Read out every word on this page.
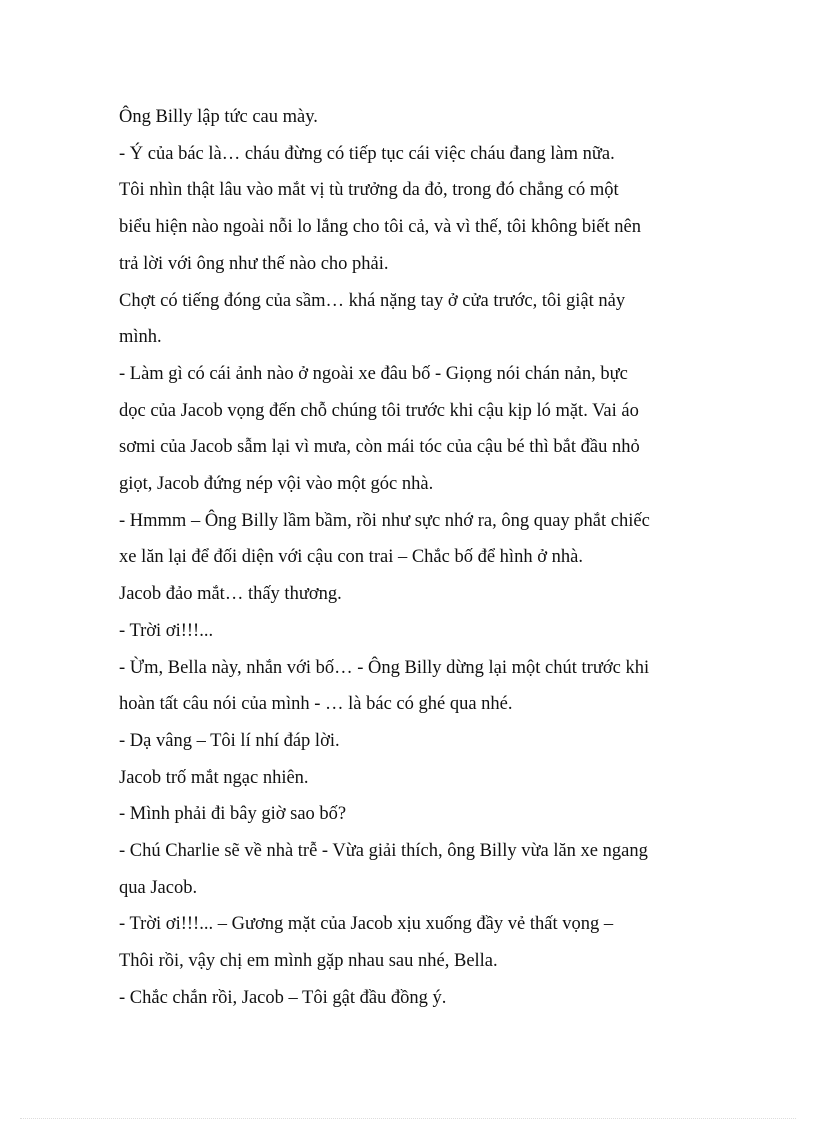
Ông Billy lập tức cau mày.

- Ý của bác là… cháu đừng có tiếp tục cái việc cháu đang làm nữa.

Tôi nhìn thật lâu vào mắt vị tù trưởng da đỏ, trong đó chẳng có một
biểu hiện nào ngoài nỗi lo lắng cho tôi cả, và vì thế, tôi không biết nên
trả lời với ông như thế nào cho phải.

Chợt có tiếng đóng của sầm… khá nặng tay ở cửa trước, tôi giật nảy
mình.

- Làm gì có cái ảnh nào ở ngoài xe đâu bố - Giọng nói chán nản, bực
dọc của Jacob vọng đến chỗ chúng tôi trước khi cậu kịp ló mặt. Vai áo
sơmi của Jacob sẫm lại vì mưa, còn mái tóc của cậu bé thì bắt đầu nhỏ
giọt, Jacob đứng nép vội vào một góc nhà.

- Hmmm – Ông Billy lầm bầm, rồi như sực nhớ ra, ông quay phắt chiếc
xe lăn lại để đối diện với cậu con trai – Chắc bố để hình ở nhà.

Jacob đảo mắt… thấy thương.

- Trời ơi!!!...

- Ừm, Bella này, nhắn với bố… - Ông Billy dừng lại một chút trước khi
hoàn tất câu nói của mình - … là bác có ghé qua nhé.

- Dạ vâng – Tôi lí nhí đáp lời.

Jacob trố mắt ngạc nhiên.

- Mình phải đi bây giờ sao bố?

- Chú Charlie sẽ về nhà trễ - Vừa giải thích, ông Billy vừa lăn xe ngang
qua Jacob.

- Trời ơi!!!... – Gương mặt của Jacob xịu xuống đầy vẻ thất vọng –
Thôi rồi, vậy chị em mình gặp nhau sau nhé, Bella.

- Chắc chắn rồi, Jacob – Tôi gật đầu đồng ý.
